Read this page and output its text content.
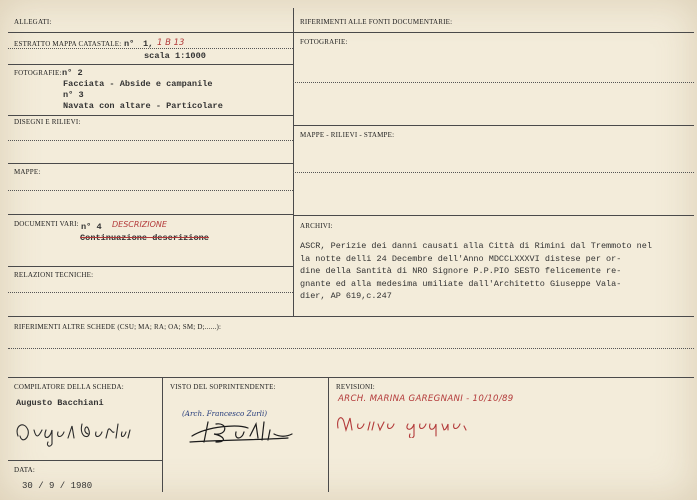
ALLEGATI:
ESTRATTO MAPPA CATASTALE: n° 1, 1 B 13
scala 1:1000
FOTOGRAFIE: n° 2
Facciata - Abside e campanile
n° 3
Navata con altare - Particolare
DISEGNI E RILIEVI:
MAPPE:
DOCUMENTI VARI: n° 4 DESCRIZIONE
Continuazione descrizione
RELAZIONI TECNICHE:
RIFERIMENTI ALLE FONTI DOCUMENTARIE:
FOTOGRAFIE:
MAPPE - RILIEVI - STAMPE:
ARCHIVI:
ASCR, Perizie dei danni causati alla Città di Rimini dal Tremmoto nel
la notte delli 24 Decembre dell'Anno MDCCLXXXVI distese per or-
dine della Santità di NRO Signore P.P.PIO SESTO felicemente re-
gnante ed alla medesima umiliate dall'Architetto Giuseppe Vala-
dier, AP 619,c.247
RIFERIMENTI ALTRE SCHEDE (CSU; MA; RA; OA; SM; D;......):
COMPILATORE DELLA SCHEDA:
Augusto Bacchiani
DATA:
30 / 9 / 1980
VISTO DEL SOPRINTENDENTE:
(Arch. Francesco Zurli)
REVISIONI:
ARCH. MARINA GAREGNANI - 10/10/89
